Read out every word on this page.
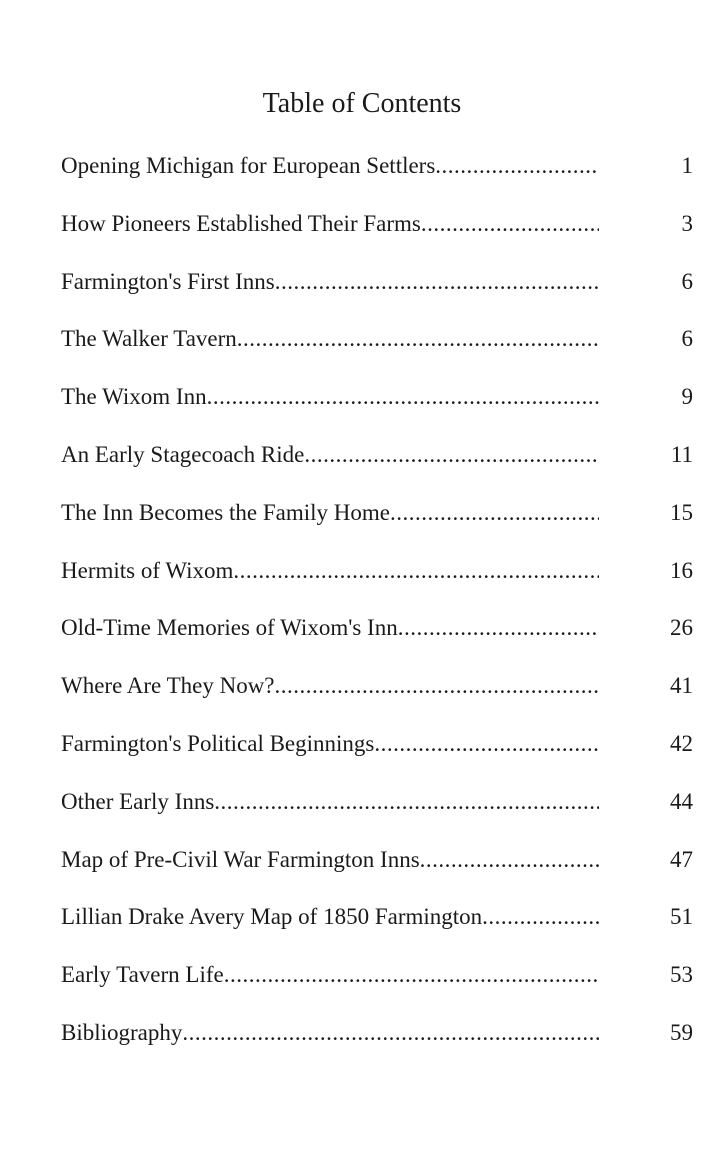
Table of Contents
Opening Michigan for European Settlers .....	1
How Pioneers Established Their Farms .....	3
Farmington's First Inns .....	6
The Walker Tavern .....	6
The Wixom Inn .....	9
An Early Stagecoach Ride .....	11
The Inn Becomes the Family Home .....	15
Hermits of Wixom .....	16
Old-Time Memories of Wixom's Inn .....	26
Where Are They Now? .....	41
Farmington's Political Beginnings .....	42
Other Early Inns .....	44
Map of Pre-Civil War Farmington Inns .....	47
Lillian Drake Avery Map of 1850 Farmington .....	51
Early Tavern Life .....	53
Bibliography .....	59
